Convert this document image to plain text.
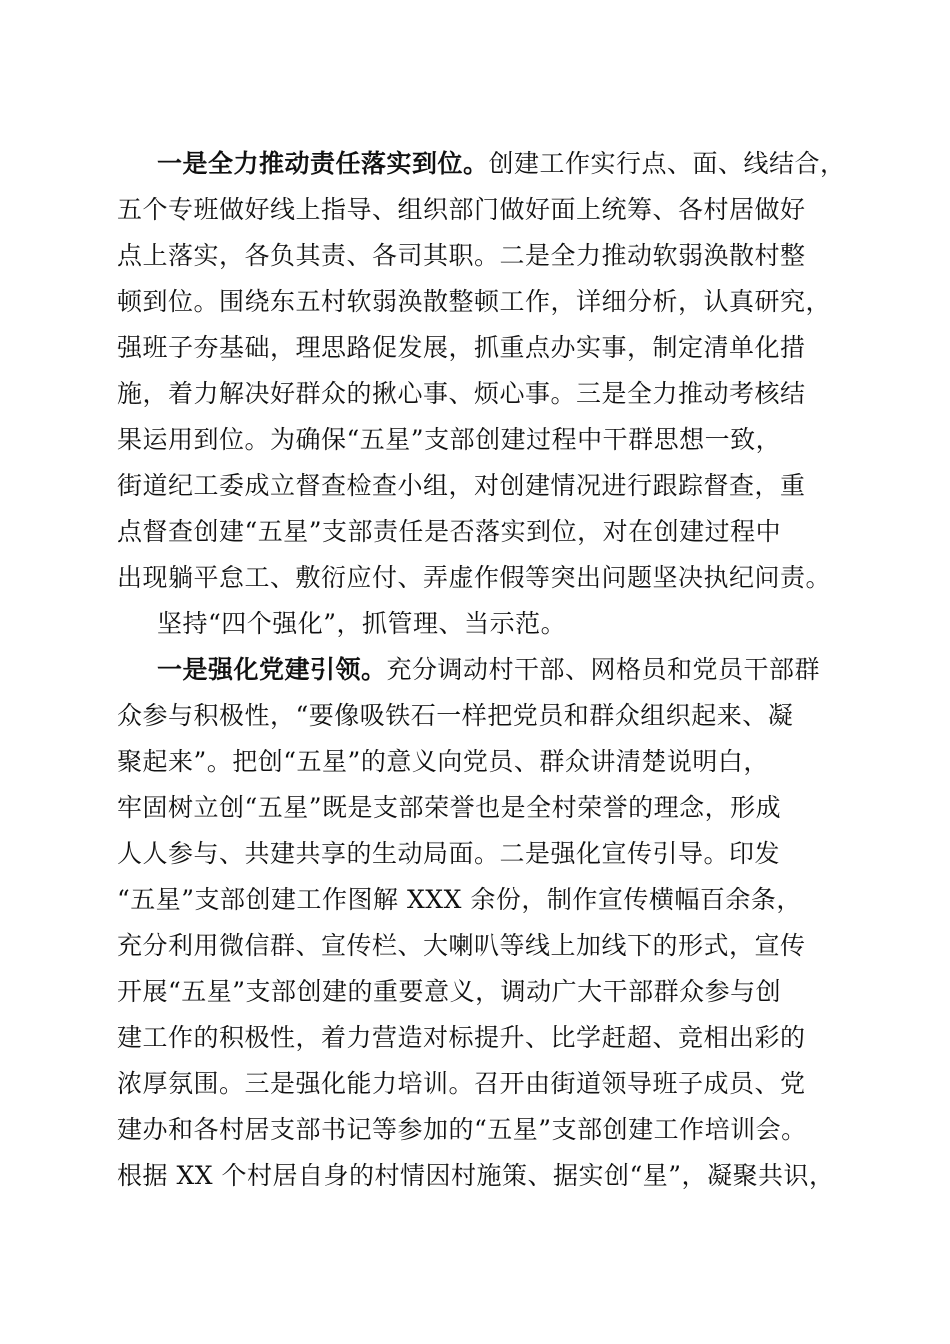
一是全力推动责任落实到位。创建工作实行点、面、线结合，
五个专班做好线上指导、组织部门做好面上统筹、各村居做好
点上落实，各负其责、各司其职。二是全力推动软弱涣散村整
顿到位。围绕东五村软弱涣散整顿工作，详细分析，认真研究，
强班子夯基础，理思路促发展，抓重点办实事，制定清单化措
施，着力解决好群众的揪心事、烦心事。三是全力推动考核结
果运用到位。为确保“五星”支部创建过程中干群思想一致，
街道纪工委成立督查检查小组，对创建情况进行跟踪督查，重
点督查创建“五星”支部责任是否落实到位，对在创建过程中
出现躺平怠工、敷衍应付、弄虚作假等突出问题坚决执纪问责。
坚持“四个强化”，抓管理、当示范。
一是强化党建引领。充分调动村干部、网格员和党员干部群
众参与积极性，“要像吸铁石一样把党员和群众组织起来、凝
聚起来”。把创“五星”的意义向党员、群众讲清楚说明白，
牢固树立创“五星”既是支部荣誉也是全村荣誉的理念，形成
人人参与、共建共享的生动局面。二是强化宣传引导。印发
“五星”支部创建工作图解 XXX 余份，制作宣传横幅百余条，
充分利用微信群、宣传栏、大喇叭等线上加线下的形式，宣传
开展“五星”支部创建的重要意义，调动广大干部群众参与创
建工作的积极性，着力营造对标提升、比学赶超、竞相出彩的
浓厚氛围。三是强化能力培训。召开由街道领导班子成员、党
建办和各村居支部书记等参加的“五星”支部创建工作培训会。
根据 XX 个村居自身的村情因村施策、据实创“星”，凝聚共识，
